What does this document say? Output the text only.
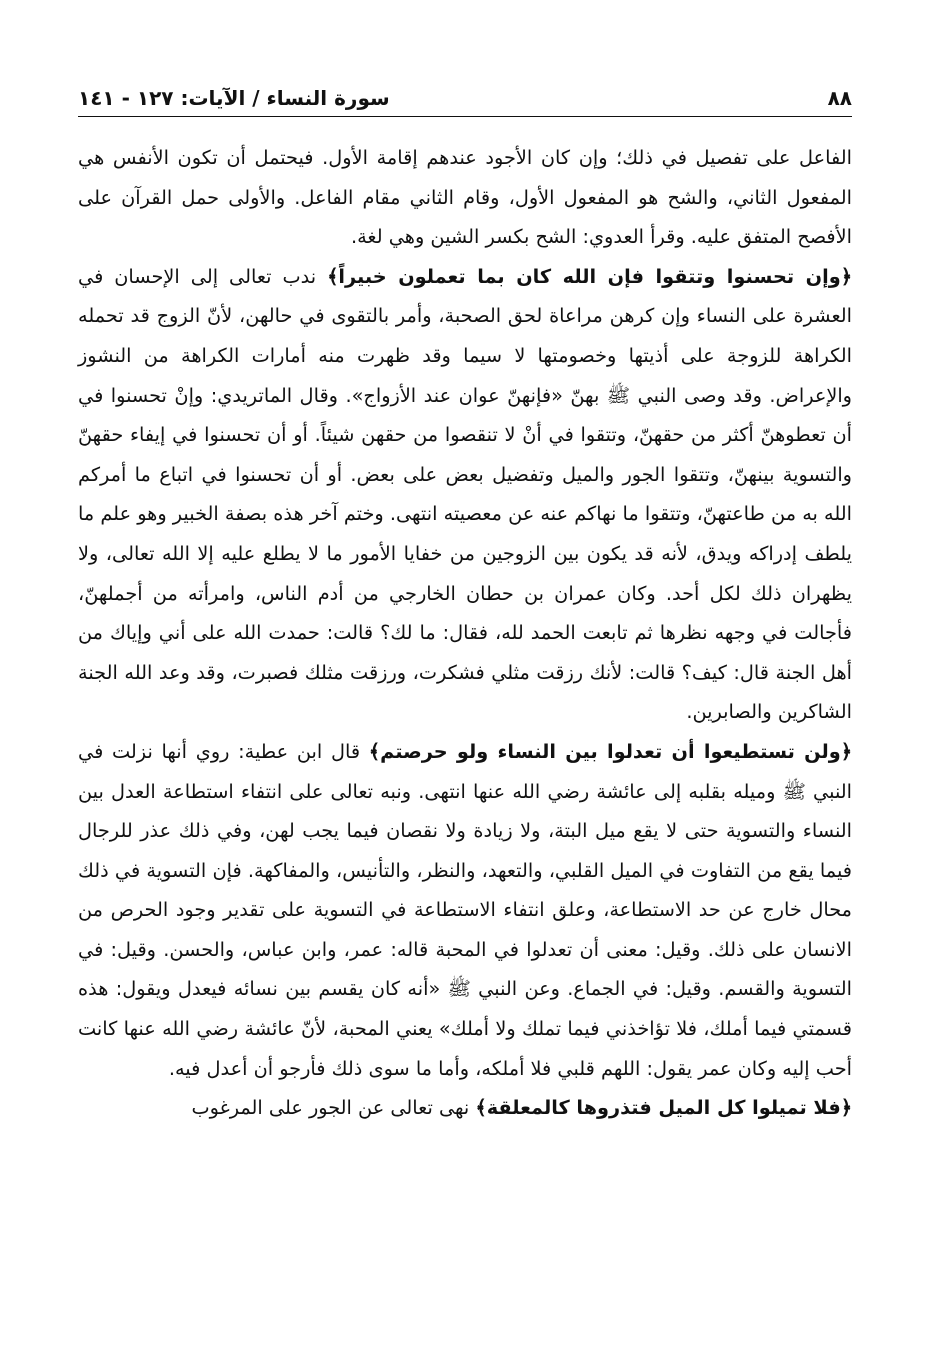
٨٨
سورة النساء / الآيات: ١٢٧ - ١٤١

الفاعل على تفصيل في ذلك؛ وإن كان الأجود عندهم إقامة الأول. فيحتمل أن تكون الأنفس هي المفعول الثاني، والشح هو المفعول الأول، وقام الثاني مقام الفاعل. والأولى حمل القرآن على الأفصح المتفق عليه. وقرأ العدوي: الشح بكسر الشين وهي لغة.

﴿وإن تحسنوا وتتقوا فإن الله كان بما تعملون خبيراً﴾ ندب تعالى إلى الإحسان في العشرة على النساء وإن كرهن مراعاة لحق الصحبة، وأمر بالتقوى في حالهن، لأنّ الزوج قد تحمله الكراهة للزوجة على أذيتها وخصومتها لا سيما وقد ظهرت منه أمارات الكراهة من النشوز والإعراض. وقد وصى النبي ﷺ بهنّ «فإنهنّ عوان عند الأزواج». وقال الماتريدي: وإنْ تحسنوا في أن تعطوهنّ أكثر من حقهنّ، وتتقوا في أنْ لا تنقصوا من حقهن شيئاً. أو أن تحسنوا في إيفاء حقهنّ والتسوية بينهنّ، وتتقوا الجور والميل وتفضيل بعض على بعض. أو أن تحسنوا في اتباع ما أمركم الله به من طاعتهنّ، وتتقوا ما نهاكم عنه عن معصيته انتهى. وختم آخر هذه بصفة الخبير وهو علم ما يلطف إدراكه ويدق، لأنه قد يكون بين الزوجين من خفايا الأمور ما لا يطلع عليه إلا الله تعالى، ولا يظهران ذلك لكل أحد. وكان عمران بن حطان الخارجي من أدم الناس، وامرأته من أجملهنّ، فأجالت في وجهه نظرها ثم تابعت الحمد لله، فقال: ما لك؟ قالت: حمدت الله على أني وإياك من أهل الجنة قال: كيف؟ قالت: لأنك رزقت مثلي فشكرت، ورزقت مثلك فصبرت، وقد وعد الله الجنة الشاكرين والصابرين.

﴿ولن تستطيعوا أن تعدلوا بين النساء ولو حرصتم﴾ قال ابن عطية: روي أنها نزلت في النبي ﷺ وميله بقلبه إلى عائشة رضي الله عنها انتهى. ونبه تعالى على انتفاء استطاعة العدل بين النساء والتسوية حتى لا يقع ميل البتة، ولا زيادة ولا نقصان فيما يجب لهن، وفي ذلك عذر للرجال فيما يقع من التفاوت في الميل القلبي، والتعهد، والنظر، والتأنيس، والمفاكهة. فإن التسوية في ذلك محال خارج عن حد الاستطاعة، وعلق انتفاء الاستطاعة في التسوية على تقدير وجود الحرص من الانسان على ذلك. وقيل: معنى أن تعدلوا في المحبة قاله: عمر، وابن عباس، والحسن. وقيل: في التسوية والقسم. وقيل: في الجماع. وعن النبي ﷺ «أنه كان يقسم بين نسائه فيعدل ويقول: هذه قسمتي فيما أملك، فلا تؤاخذني فيما تملك ولا أملك» يعني المحبة، لأنّ عائشة رضي الله عنها كانت أحب إليه وكان عمر يقول: اللهم قلبي فلا أملكه، وأما ما سوى ذلك فأرجو أن أعدل فيه.

﴿فلا تميلوا كل الميل فتذروها كالمعلقة﴾ نهى تعالى عن الجور على المرغوب
